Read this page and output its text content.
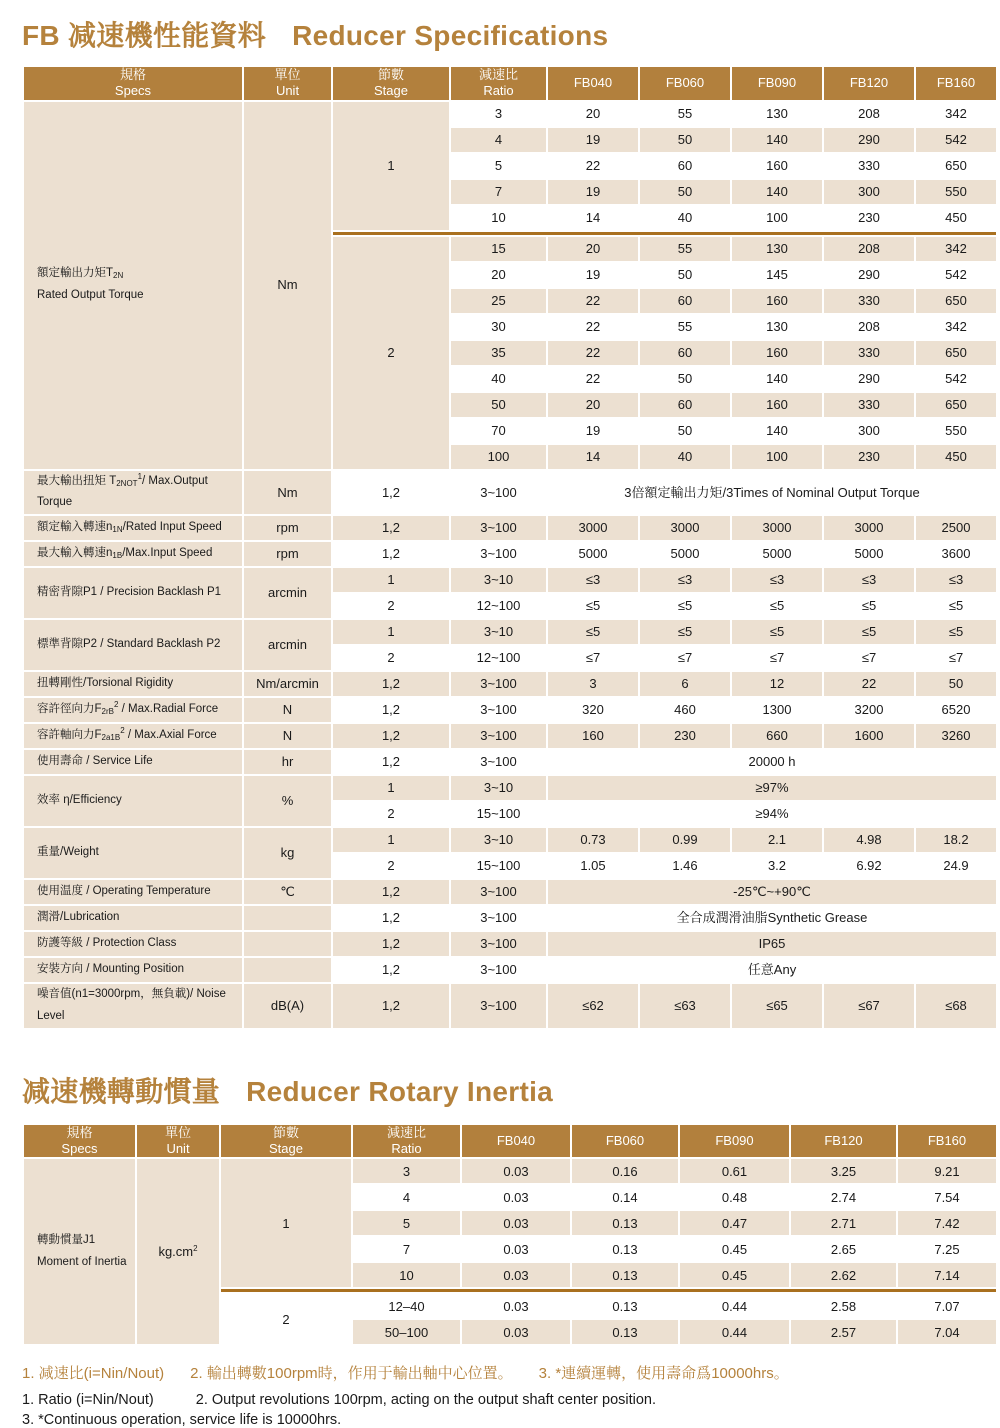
FB 减速機性能資料 Reducer Specifications
規格
Specs	單位
Unit	節數
Stage	減速比
Ratio	FB040	FB060	FB090	FB120	FB160
額定輸出力矩$T_{2N}$
Rated Output Torque	Nm	1	3	20	55	130	208	342
			4	19	50	140	290	542
			5	22	60	160	330	650
			7	19	50	140	300	550
			10	14	40	100	230	450

		2	15	20	55	130	208	342
			20	19	50	145	290	542
			25	22	60	160	330	650
			30	22	55	130	208	342
			35	22	60	160	330	650
			40	22	50	140	290	542
			50	20	60	160	330	650
			70	19	50	140	300	550
			100	14	40	100	230	450
最大輸出扭矩 $T_{2NOT}^1/$ Max.Output Torque	Nm	1,2	3~100	3倍額定輸出力矩/3Times of Nominal Output Torque				
額定輸入轉速$n_{1N}$/Rated Input Speed	rpm	1,2	3~100	3000	3000	3000	3000	2500
最大輸入轉速$n_{1B}/Max.Input$ Speed	rpm	1,2	3~100	5000	5000	5000	5000	3600
精密背隙P1 / Precision Backlash P1	arcmin	1	3~10	≤3	≤3	≤3	≤3	≤3
		2	12~100	≤5	≤5	≤5	≤5	≤5
標準背隙P2 / Standard Backlash P2	arcmin	1	3~10	≤5	≤5	≤5	≤5	≤5
		2	12~100	≤7	≤7	≤7	≤7	≤7
扭轉剛性/Torsional Rigidity	Nm/arcmin	1,2	3~100	3	6	12	22	50
容許徑向力$F_{2rB}^2$ / Max.Radial Force	N	1,2	3~100	320	460	1300	3200	6520
容許軸向力$F_{2a1B}^2$ / Max.Axial Force	N	1,2	3~100	160	230	660	1600	3260
使用壽命 / Service Life	hr	1,2	3~100	20000 h				
效率 η/Efficiency	%	1	3~10	≥97%				
		2	15~100	≥94%				
重量/Weight	kg	1	3~10	0.73	0.99	2.1	4.98	18.2
		2	15~100	1.05	1.46	3.2	6.92	24.9
使用温度 / Operating Temperature	℃	1,2	3~100	-25℃~+90℃				
潤滑/Lubrication		1,2	3~100	全合成潤滑油脂Synthetic Grease				
防護等級 / Protection Class		1,2	3~100	IP65				
安裝方向 / Mounting Position		1,2	3~100	任意Any				
噪音值(n1=3000rpm，無負載)/ Noise Level	dB(A)	1,2	3~100	≤62	≤63	≤65	≤67	≤68
减速機轉動慣量 Reducer Rotary Inertia
規格
Specs	單位
Unit	節數
Stage	減速比
Ratio	FB040	FB060	FB090	FB120	FB160
轉動慣量J1
Moment of Inertia	$kg.cm^2$	1	3	0.03	0.16	0.61	3.25	9.21
			4	0.03	0.14	0.48	2.74	7.54
			5	0.03	0.13	0.47	2.71	7.42
			7	0.03	0.13	0.45	2.65	7.25
			10	0.03	0.13	0.45	2.62	7.14

		2	12–40	0.03	0.13	0.44	2.58	7.07
			50–100	0.03	0.13	0.44	2.57	7.04
1. 减速比(i=Nin/Nout) 2. 輸出轉數100rpm時，作用于輸出軸中心位置。 3. *連續運轉，使用壽命爲10000hrs。
1. Ratio (i=Nin/Nout)	2. Output revolutions 100rpm, acting on the output shaft center position.
3. *Continuous operation, service life is 10000hrs.
